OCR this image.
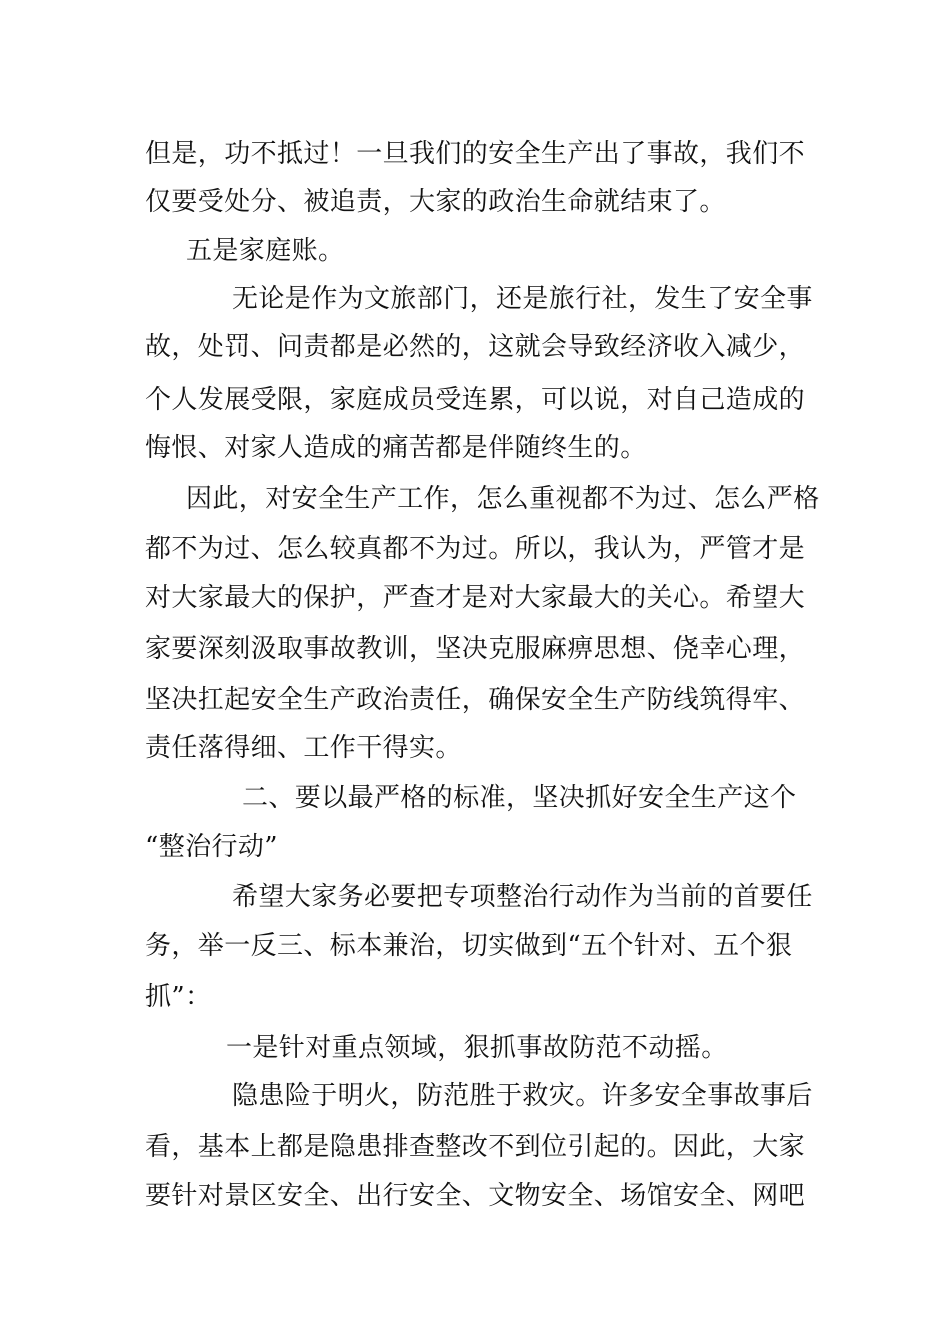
但是，功不抵过！一旦我们的安全生产出了事故，我们不
仅要受处分、被追责，大家的政治生命就结束了。
五是家庭账。
无论是作为文旅部门，还是旅行社，发生了安全事
故，处罚、问责都是必然的，这就会导致经济收入减少，
个人发展受限，家庭成员受连累，可以说，对自己造成的
悔恨、对家人造成的痛苦都是伴随终生的。
因此，对安全生产工作，怎么重视都不为过、怎么严格
都不为过、怎么较真都不为过。所以，我认为，严管才是
对大家最大的保护，严查才是对大家最大的关心。希望大
家要深刻汲取事故教训，坚决克服麻痹思想、侥幸心理，
坚决扛起安全生产政治责任，确保安全生产防线筑得牢、
责任落得细、工作干得实。
二、要以最严格的标准，坚决抓好安全生产这个
“整治行动”
希望大家务必要把专项整治行动作为当前的首要任
务，举一反三、标本兼治，切实做到“五个针对、五个狠
抓”：
一是针对重点领域，狠抓事故防范不动摇。
隐患险于明火，防范胜于救灾。许多安全事故事后
看，基本上都是隐患排查整改不到位引起的。因此，大家
要针对景区安全、出行安全、文物安全、场馆安全、网吧
